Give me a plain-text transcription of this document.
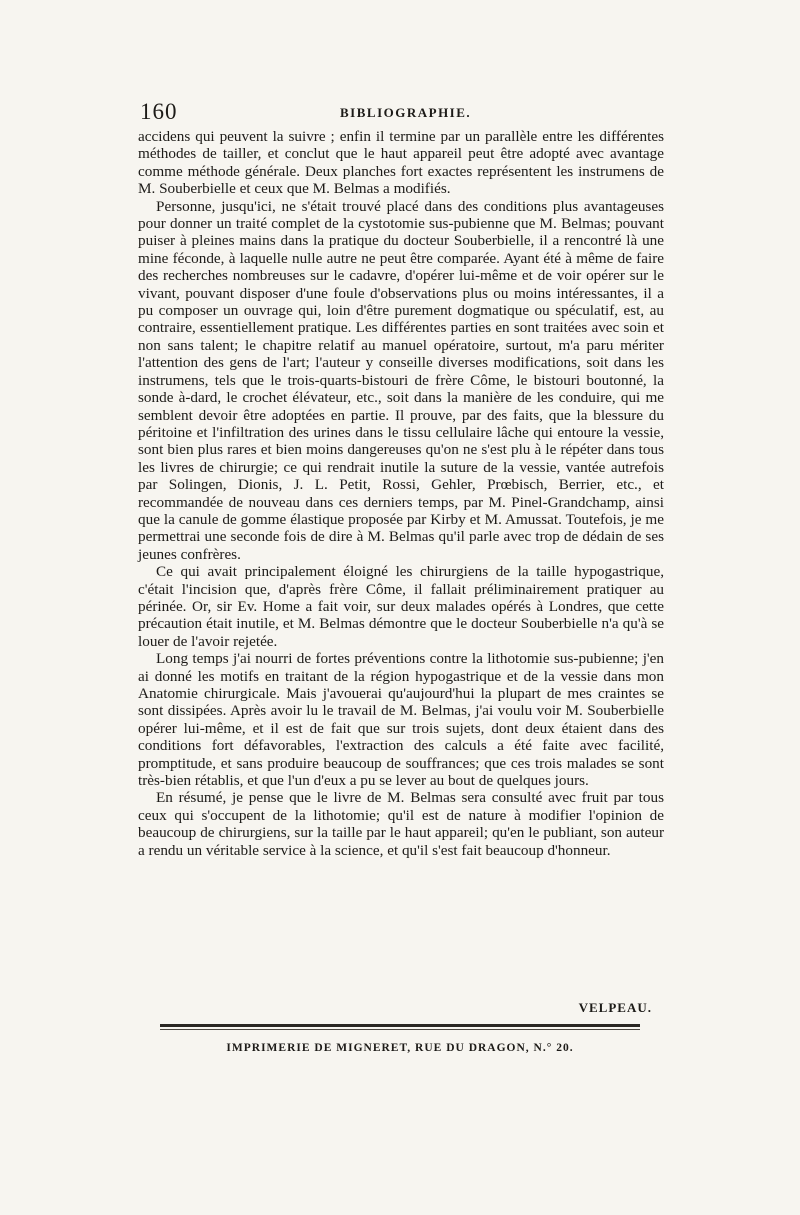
160	BIBLIOGRAPHIE.

accidens qui peuvent la suivre ; enfin il termine par un parallèle entre les différentes méthodes de tailler, et conclut que le haut appareil peut être adopté avec avantage comme méthode générale. Deux planches fort exactes représentent les instrumens de M. Souberbielle et ceux que M. Belmas a modifiés.

Personne, jusqu'ici, ne s'était trouvé placé dans des conditions plus avantageuses pour donner un traité complet de la cystotomie sus-pubienne que M. Belmas; pouvant puiser à pleines mains dans la pratique du docteur Souberbielle, il a rencontré là une mine féconde, à laquelle nulle autre ne peut être comparée. Ayant été à même de faire des recherches nombreuses sur le cadavre, d'opérer lui-même et de voir opérer sur le vivant, pouvant disposer d'une foule d'observations plus ou moins intéressantes, il a pu composer un ouvrage qui, loin d'être purement dogmatique ou spéculatif, est, au contraire, essentiellement pratique. Les différentes parties en sont traitées avec soin et non sans talent; le chapitre relatif au manuel opératoire, surtout, m'a paru mériter l'attention des gens de l'art; l'auteur y conseille diverses modifications, soit dans les instrumens, tels que le trois-quarts-bistouri de frère Côme, le bistouri boutonné, la sonde à-dard, le crochet élévateur, etc., soit dans la manière de les conduire, qui me semblent devoir être adoptées en partie. Il prouve, par des faits, que la blessure du péritoine et l'infiltration des urines dans le tissu cellulaire lâche qui entoure la vessie, sont bien plus rares et bien moins dangereuses qu'on ne s'est plu à le répéter dans tous les livres de chirurgie; ce qui rendrait inutile la suture de la vessie, vantée autrefois par Solingen, Dionis, J. L. Petit, Rossi, Gehler, Prœbisch, Berrier, etc., et recommandée de nouveau dans ces derniers temps, par M. Pinel-Grandchamp, ainsi que la canule de gomme élastique proposée par Kirby et M. Amussat. Toutefois, je me permettrai une seconde fois de dire à M. Belmas qu'il parle avec trop de dédain de ses jeunes confrères.

Ce qui avait principalement éloigné les chirurgiens de la taille hypogastrique, c'était l'incision que, d'après frère Côme, il fallait préliminairement pratiquer au périnée. Or, sir Ev. Home a fait voir, sur deux malades opérés à Londres, que cette précaution était inutile, et M. Belmas démontre que le docteur Souberbielle n'a qu'à se louer de l'avoir rejetée.

Long temps j'ai nourri de fortes préventions contre la lithotomie sus-pubienne; j'en ai donné les motifs en traitant de la région hypogastrique et de la vessie dans mon Anatomie chirurgicale. Mais j'avouerai qu'aujourd'hui la plupart de mes craintes se sont dissipées. Après avoir lu le travail de M. Belmas, j'ai voulu voir M. Souberbielle opérer lui-même, et il est de fait que sur trois sujets, dont deux étaient dans des conditions fort défavorables, l'extraction des calculs a été faite avec facilité, promptitude, et sans produire beaucoup de souffrances; que ces trois malades se sont très-bien rétablis, et que l'un d'eux a pu se lever au bout de quelques jours.

En résumé, je pense que le livre de M. Belmas sera consulté avec fruit par tous ceux qui s'occupent de la lithotomie; qu'il est de nature à modifier l'opinion de beaucoup de chirurgiens, sur la taille par le haut appareil; qu'en le publiant, son auteur a rendu un véritable service à la science, et qu'il s'est fait beaucoup d'honneur.

VELPEAU.
IMPRIMERIE DE MIGNERET, RUE DU DRAGON, N.° 20.
